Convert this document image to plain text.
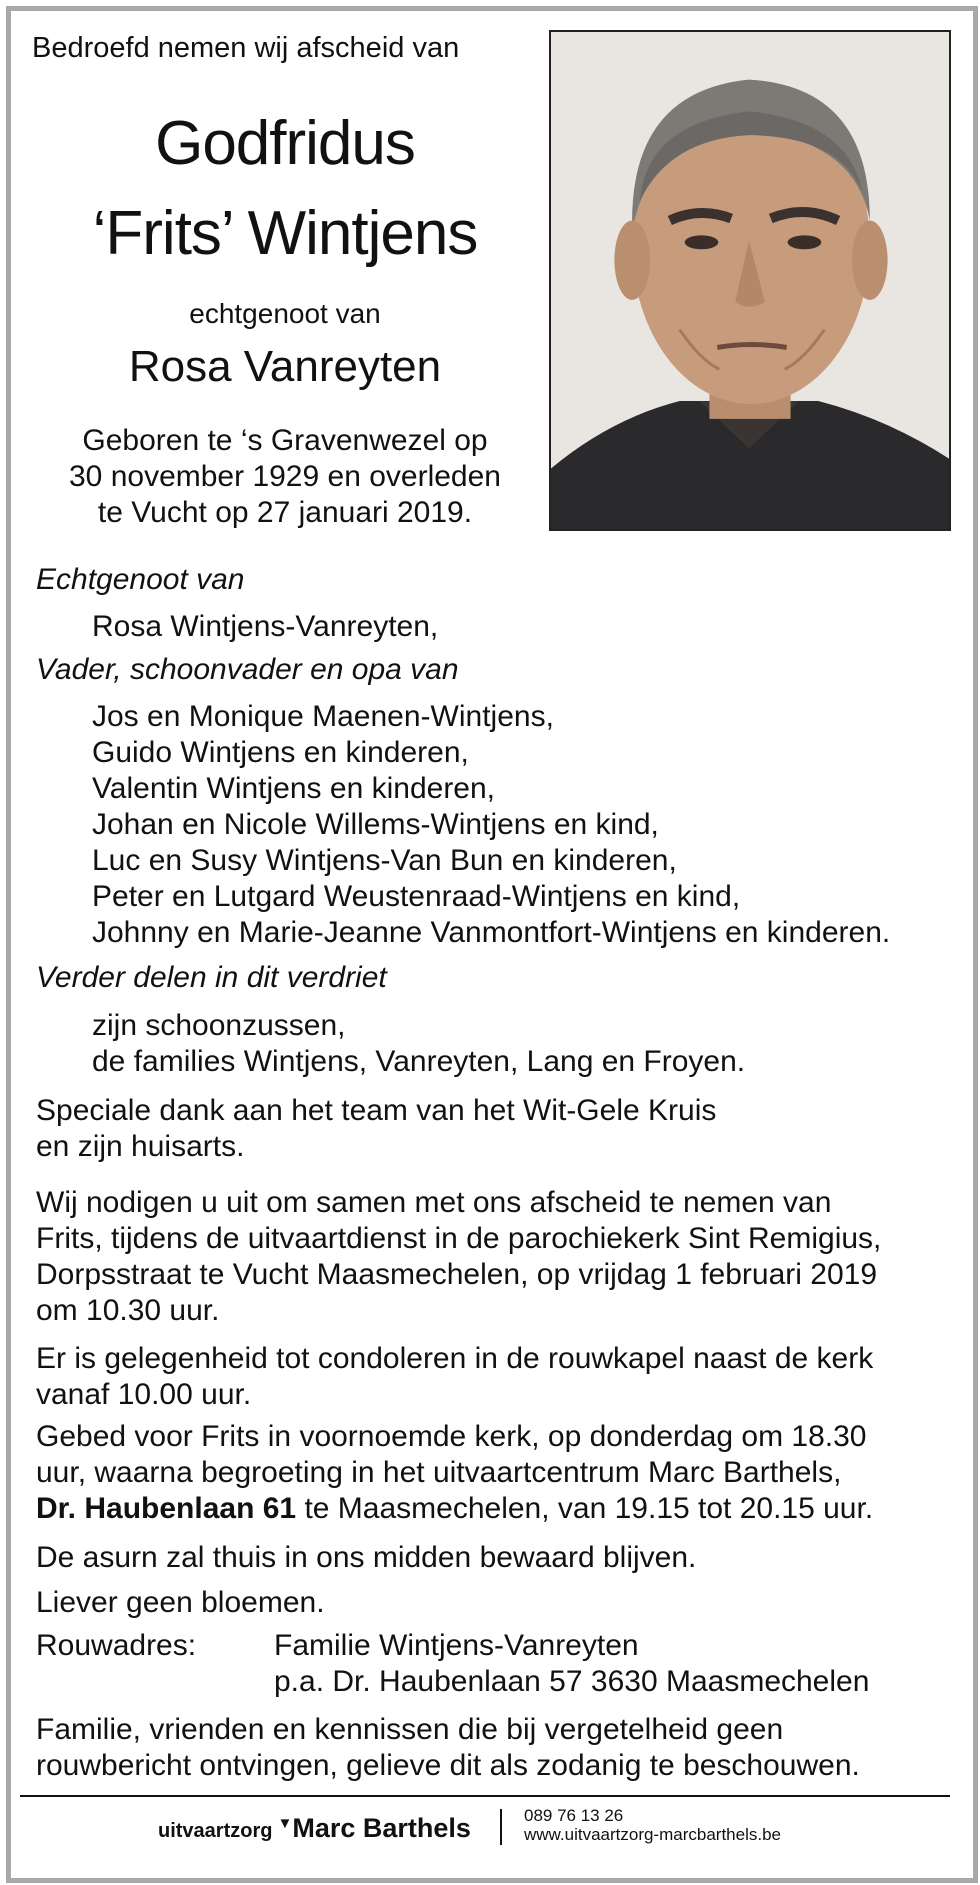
Bedroefd nemen wij afscheid van

Godfridus

‘Frits’ Wintjens

echtgenoot van

Rosa Vanreyten

Geboren te ‘s Gravenwezel op
30 november 1929 en overleden
te Vucht op 27 januari 2019.

Echtgenoot van

Rosa Wintjens-Vanreyten,

Vader, schoonvader en opa van

Jos en Monique Maenen-Wintjens,
Guido Wintjens en kinderen,
Valentin Wintjens en kinderen,
Johan en Nicole Willems-Wintjens en kind,
Luc en Susy Wintjens-Van Bun en kinderen,
Peter en Lutgard Weustenraad-Wintjens en kind,
Johnny en Marie-Jeanne Vanmontfort-Wintjens en kinderen.

Verder delen in dit verdriet

zijn schoonzussen,
de families Wintjens, Vanreyten, Lang en Froyen.
Speciale dank aan het team van het Wit-Gele Kruis
en zijn huisarts.
Wij nodigen u uit om samen met ons afscheid te nemen van
Frits, tijdens de uitvaartdienst in de parochiekerk Sint Remigius,
Dorpsstraat te Vucht Maasmechelen, op vrijdag 1 februari 2019
om 10.30 uur.
Er is gelegenheid tot condoleren in de rouwkapel naast de kerk
vanaf 10.00 uur.
Gebed voor Frits in voornoemde kerk, op donderdag om 18.30
uur, waarna begroeting in het uitvaartcentrum Marc Barthels,
Dr. Haubenlaan 61 te Maasmechelen, van 19.15 tot 20.15 uur.

De asurn zal thuis in ons midden bewaard blijven.

Liever geen bloemen.

Rouwadres:	Familie Wintjens-Vanreyten
p.a. Dr. Haubenlaan 57 3630 Maasmechelen
Familie, vrienden en kennissen die bij vergetelheid geen
rouwbericht ontvingen, gelieve dit als zodanig te beschouwen.
uitvaartzorg ▼Marc Barthels	089 76 13 26

www.uitvaartzorg-marcbarthels.be
